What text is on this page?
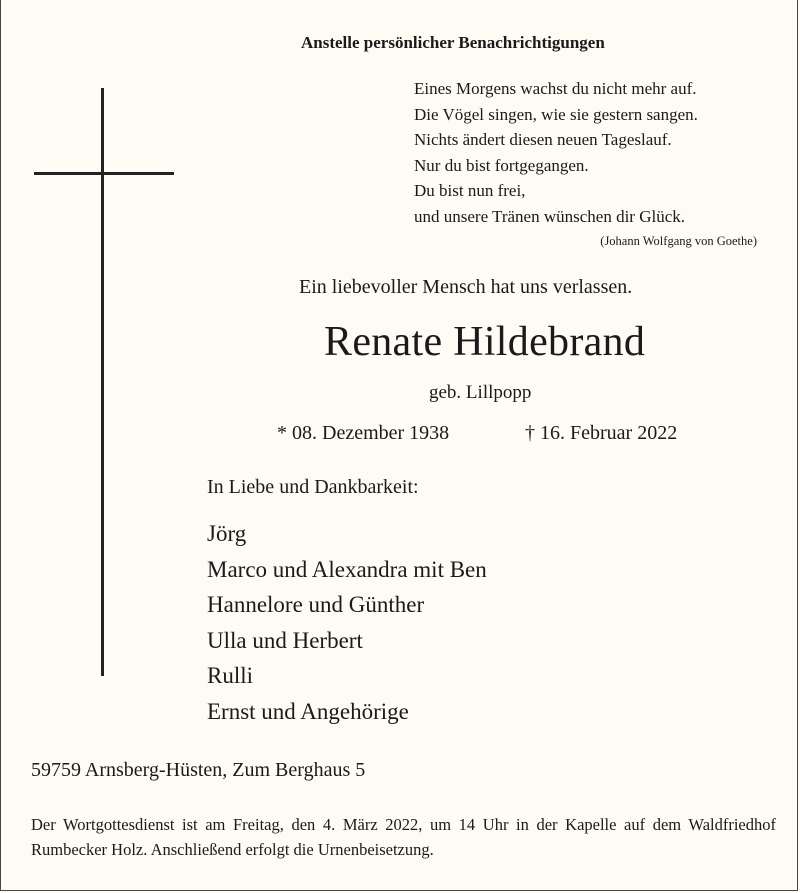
Anstelle persönlicher Benachrichtigungen
Eines Morgens wachst du nicht mehr auf.
Die Vögel singen, wie sie gestern sangen.
Nichts ändert diesen neuen Tageslauf.
Nur du bist fortgegangen.
Du bist nun frei,
und unsere Tränen wünschen dir Glück.
(Johann Wolfgang von Goethe)
Ein liebevoller Mensch hat uns verlassen.
Renate Hildebrand
geb. Lillpopp
* 08. Dezember 1938	† 16. Februar 2022
In Liebe und Dankbarkeit:
Jörg
Marco und Alexandra mit Ben
Hannelore und Günther
Ulla und Herbert
Rulli
Ernst und Angehörige
59759 Arnsberg-Hüsten, Zum Berghaus 5
Der Wortgottesdienst ist am Freitag, den 4. März 2022, um 14 Uhr in der Kapelle auf dem Waldfriedhof Rumbecker Holz. Anschließend erfolgt die Urnenbeisetzung.
